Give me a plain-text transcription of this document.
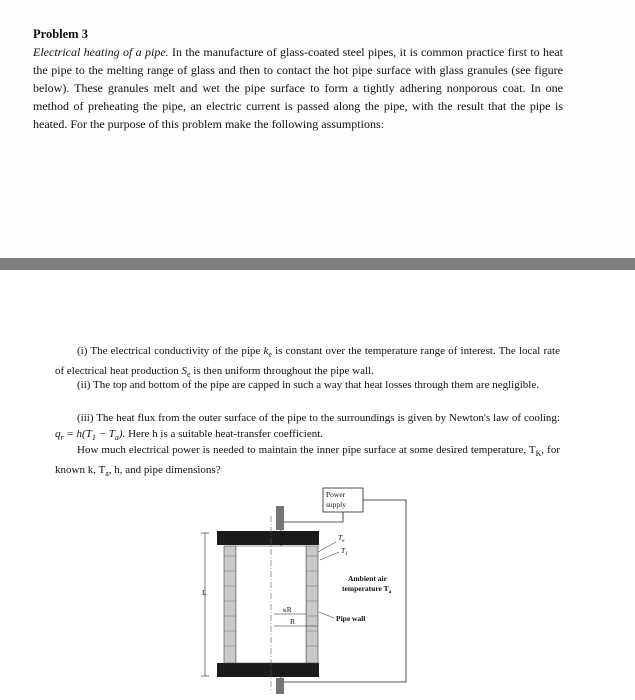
Problem 3
Electrical heating of a pipe. In the manufacture of glass-coated steel pipes, it is common practice first to heat the pipe to the melting range of glass and then to contact the hot pipe surface with glass granules (see figure below). These granules melt and wet the pipe surface to form a tightly adhering nonporous coat. In one method of preheating the pipe, an electric current is passed along the pipe, with the result that the pipe is heated. For the purpose of this problem make the following assumptions:
(i) The electrical conductivity of the pipe $k_e$ is constant over the temperature range of interest. The local rate of electrical heat production $S_e$ is then uniform throughout the pipe wall.
(ii) The top and bottom of the pipe are capped in such a way that heat losses through them are negligible.
(iii) The heat flux from the outer surface of the pipe to the surroundings is given by Newton's law of cooling: $q_r = h(T_1 - T_a)$. Here h is a suitable heat-transfer coefficient.
How much electrical power is needed to maintain the inner pipe surface at some desired temperature, $T_K$, for known k, $T_a$, h, and pipe dimensions?
Power
supply
L
κR
R
$T_\kappa$
$T_1$
Ambient air
temperature $T_a$
Pipe wall
